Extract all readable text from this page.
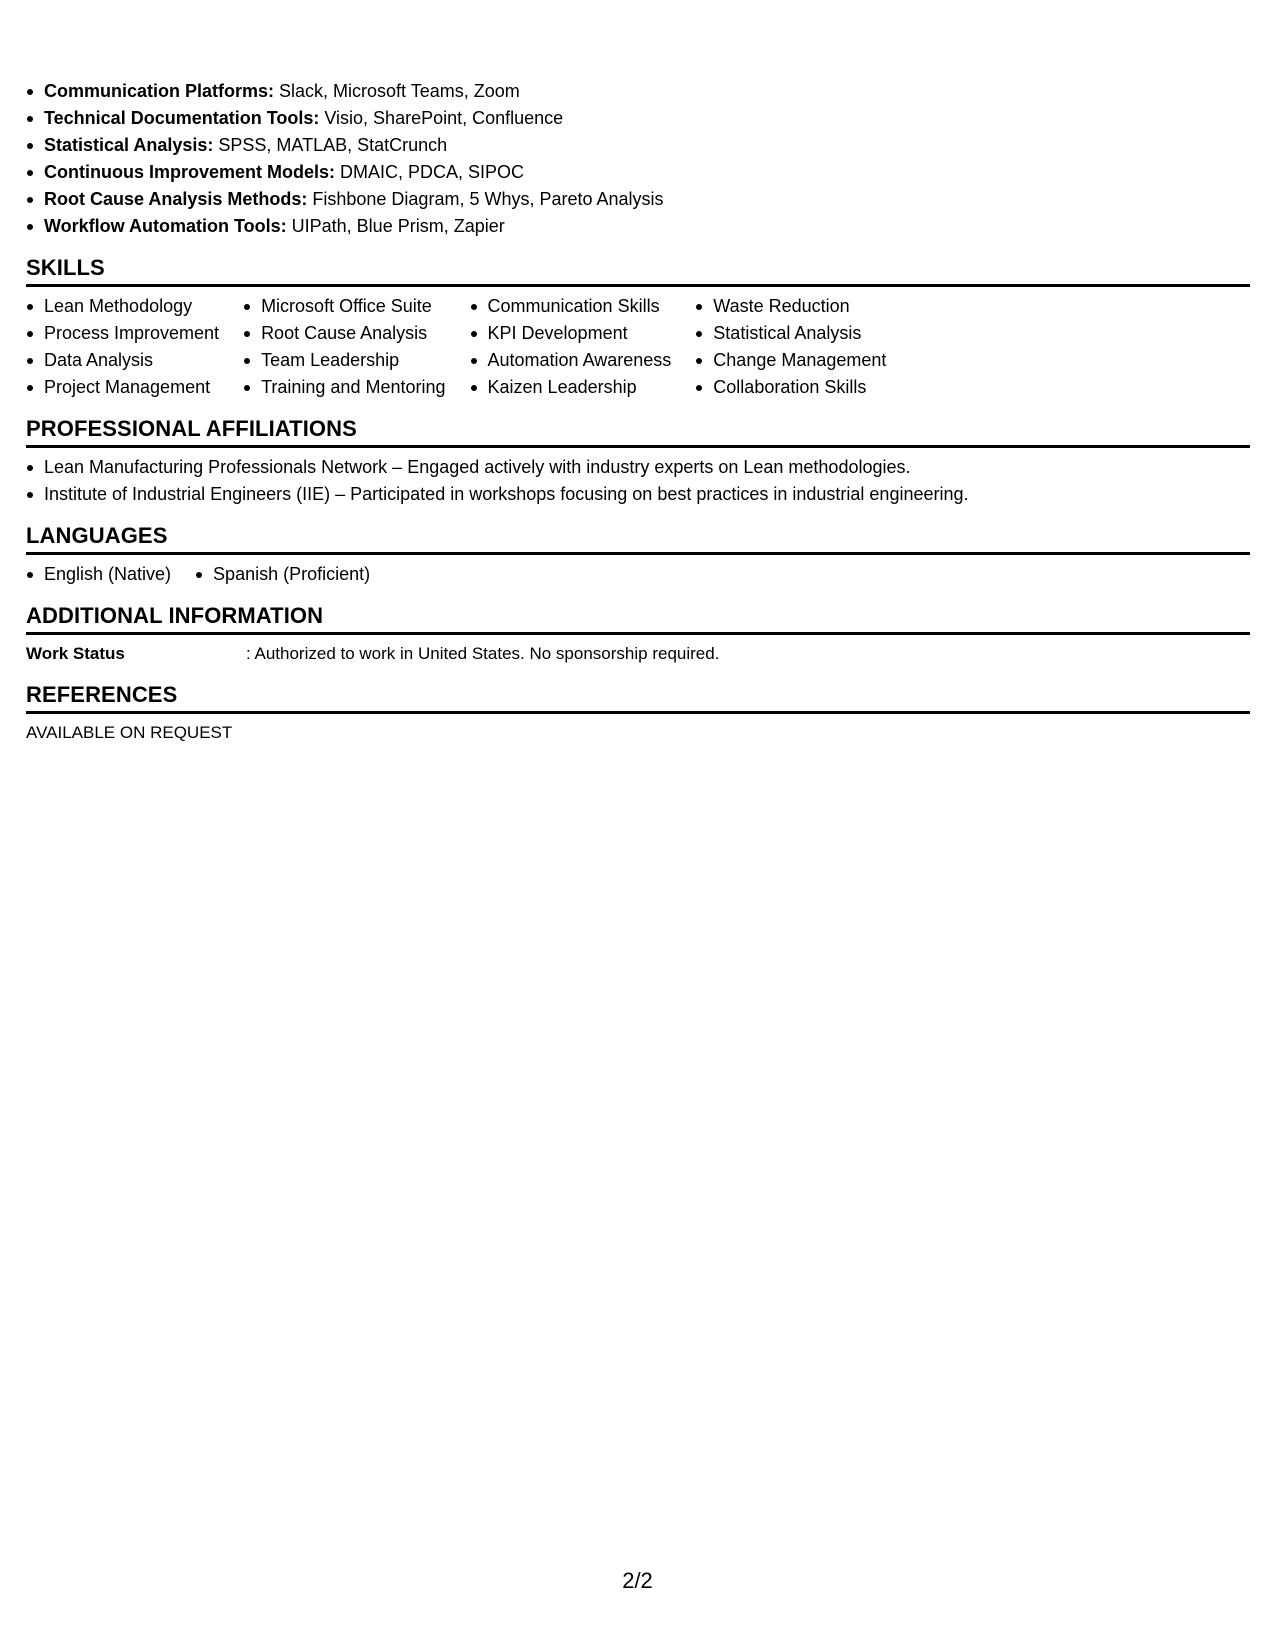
Communication Platforms: Slack, Microsoft Teams, Zoom
Technical Documentation Tools: Visio, SharePoint, Confluence
Statistical Analysis: SPSS, MATLAB, StatCrunch
Continuous Improvement Models: DMAIC, PDCA, SIPOC
Root Cause Analysis Methods: Fishbone Diagram, 5 Whys, Pareto Analysis
Workflow Automation Tools: UIPath, Blue Prism, Zapier
SKILLS
Lean Methodology
Process Improvement
Data Analysis
Project Management
Microsoft Office Suite
Root Cause Analysis
Team Leadership
Training and Mentoring
Communication Skills
KPI Development
Automation Awareness
Kaizen Leadership
Waste Reduction
Statistical Analysis
Change Management
Collaboration Skills
PROFESSIONAL AFFILIATIONS
Lean Manufacturing Professionals Network – Engaged actively with industry experts on Lean methodologies.
Institute of Industrial Engineers (IIE) – Participated in workshops focusing on best practices in industrial engineering.
LANGUAGES
English (Native)	Spanish (Proficient)
ADDITIONAL INFORMATION
Work Status	: Authorized to work in United States. No sponsorship required.
REFERENCES
AVAILABLE ON REQUEST
2/2
